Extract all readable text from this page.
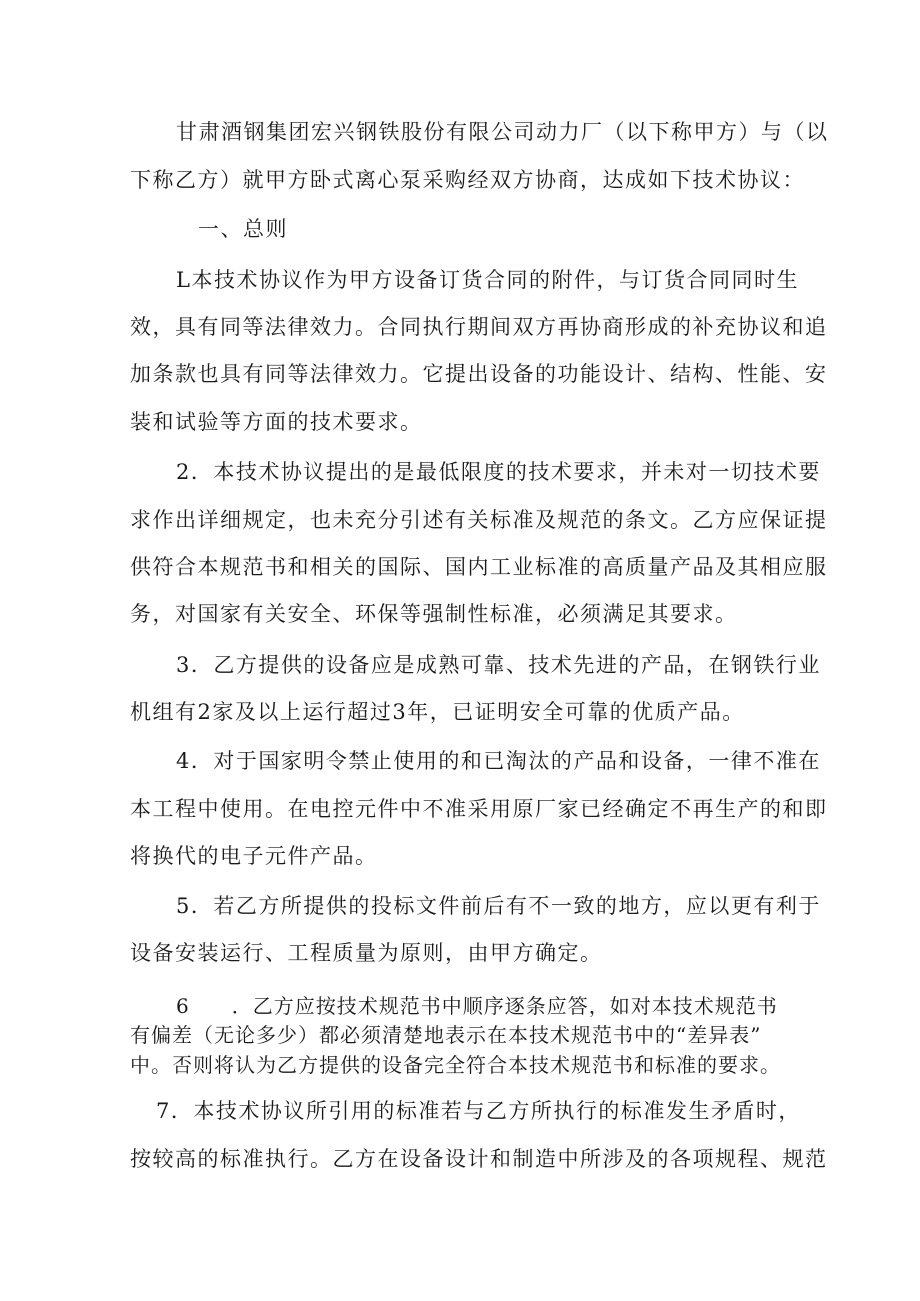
甘肃酒钢集团宏兴钢铁股份有限公司动力厂（以下称甲方）与（以
下称乙方）就甲方卧式离心泵采购经双方协商，达成如下技术协议：
一、总则
L本技术协议作为甲方设备订货合同的附件，与订货合同同时生
效，具有同等法律效力。合同执行期间双方再协商形成的补充协议和追
加条款也具有同等法律效力。它提出设备的功能设计、结构、性能、安
装和试验等方面的技术要求。
2．本技术协议提出的是最低限度的技术要求，并未对一切技术要
求作出详细规定，也未充分引述有关标准及规范的条文。乙方应保证提
供符合本规范书和相关的国际、国内工业标准的高质量产品及其相应服
务，对国家有关安全、环保等强制性标准，必须满足其要求。
3．乙方提供的设备应是成熟可靠、技术先进的产品，在钢铁行业
机组有2家及以上运行超过3年，已证明安全可靠的优质产品。
4．对于国家明令禁止使用的和已淘汰的产品和设备，一律不准在
本工程中使用。在电控元件中不准采用原厂家已经确定不再生产的和即
将换代的电子元件产品。
5．若乙方所提供的投标文件前后有不一致的地方，应以更有利于
设备安装运行、工程质量为原则，由甲方确定。
6　　．乙方应按技术规范书中顺序逐条应答，如对本技术规范书
有偏差（无论多少）都必须清楚地表示在本技术规范书中的“差异表”
中。否则将认为乙方提供的设备完全符合本技术规范书和标准的要求。
7．本技术协议所引用的标准若与乙方所执行的标准发生矛盾时，
按较高的标准执行。乙方在设备设计和制造中所涉及的各项规程、规范
